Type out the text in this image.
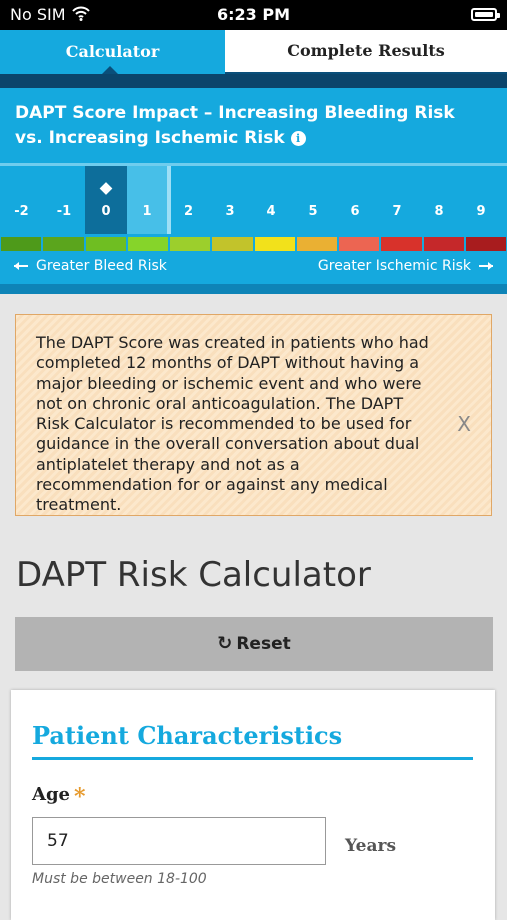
No SIM	6:23 PM
Calculator	Complete Results
DAPT Score Impact – Increasing Bleeding Risk vs. Increasing Ischemic Risk i
-2	-1	0	1	2	3	4	5	6	7	8	9
Greater Bleed Risk	Greater Ischemic Risk
The DAPT Score was created in patients who had completed 12 months of DAPT without having a major bleeding or ischemic event and who were not on chronic oral anticoagulation. The DAPT Risk Calculator is recommended to be used for guidance in the overall conversation about dual antiplatelet therapy and not as a recommendation for or against any medical treatment.
X
DAPT Risk Calculator
↻ Reset
Patient Characteristics
Age *
57
Years
Must be between 18-100
